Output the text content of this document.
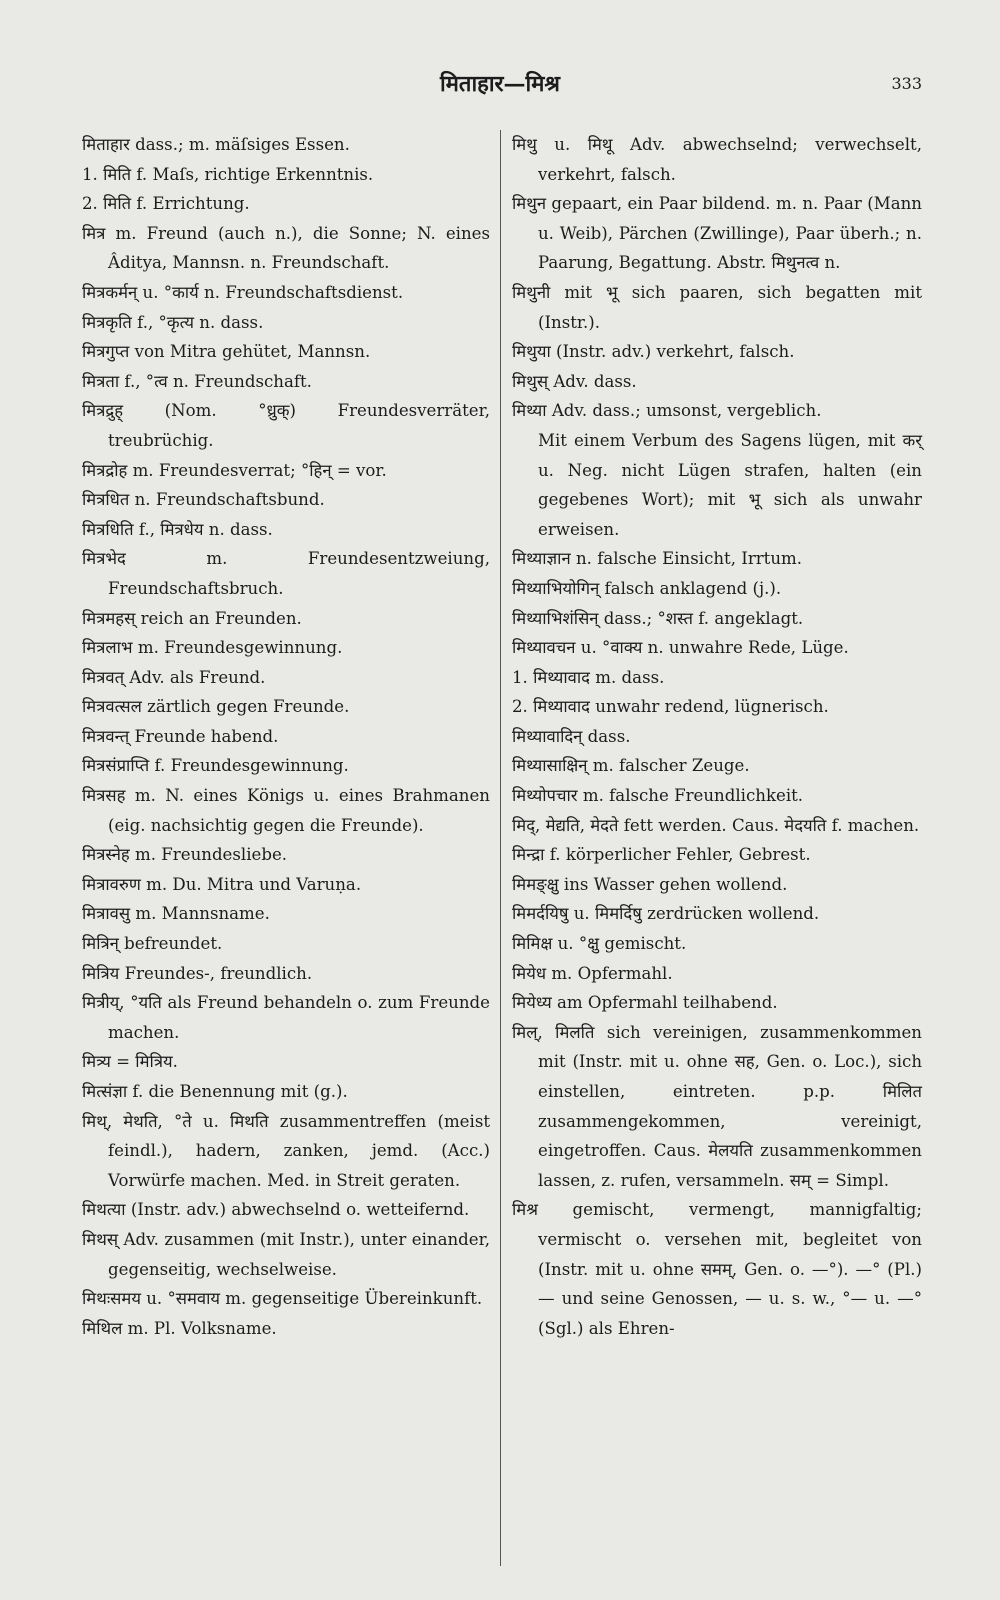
मिताहार—मिश्र	333

मिताहार dass.; m. mäſsiges Essen.

1. मिति f. Maſs, richtige Erkenntnis.

2. मिति f. Errichtung.

मित्र m. Freund (auch n.), die Sonne; N. eines Âditya, Mannsn. n. Freundschaft.

मित्रकर्मन् u. °कार्य n. Freundschaftsdienst.

मित्रकृति f., °कृत्य n. dass.

मित्रगुप्त von Mitra gehütet, Mannsn.

मित्रता f., °त्व n. Freundschaft.

मित्रद्रुह् (Nom. °ध्रुक्) Freundesverräter, treubrüchig.

मित्रद्रोह m. Freundesverrat; °हिन् = vor.

मित्रधित n. Freundschaftsbund.

मित्रधिति f., मित्रधेय n. dass.

मित्रभेद m. Freundesentzweiung, Freundschaftsbruch.

मित्रमहस् reich an Freunden.

मित्रलाभ m. Freundesgewinnung.

मित्रवत् Adv. als Freund.

मित्रवत्सल zärtlich gegen Freunde.

मित्रवन्त् Freunde habend.

मित्रसंप्राप्ति f. Freundesgewinnung.

मित्रसह m. N. eines Königs u. eines Brahmanen (eig. nachsichtig gegen die Freunde).

मित्रस्नेह m. Freundesliebe.

मित्रावरुण m. Du. Mitra und Varuṇa.

मित्रावसु m. Mannsname.

मित्रिन् befreundet.

मित्रिय Freundes-, freundlich.

मित्रीय्, °यति als Freund behandeln o. zum Freunde machen.

मित्र्य = मित्रिय.

मित्संज्ञा f. die Benennung mit (g.).

मिथ्, मेथति, °ते u. मिथति zusammentreffen (meist feindl.), hadern, zanken, jemd. (Acc.) Vorwürfe machen. Med. in Streit geraten.

मिथत्या (Instr. adv.) abwechselnd o. wetteifernd.

मिथस् Adv. zusammen (mit Instr.), unter einander, gegenseitig, wechselweise.

मिथःसमय u. °समवाय m. gegenseitige Übereinkunft.

मिथिल m. Pl. Volksname.

मिथु u. मिथू Adv. abwechselnd; verwechselt, verkehrt, falsch.

मिथुन gepaart, ein Paar bildend. m. n. Paar (Mann u. Weib), Pärchen (Zwillinge), Paar überh.; n. Paarung, Begattung. Abstr. मिथुनत्व n.

मिथुनी mit भू sich paaren, sich begatten mit (Instr.).

मिथुया (Instr. adv.) verkehrt, falsch.

मिथुस् Adv. dass.

मिथ्या Adv. dass.; umsonst, vergeblich.

Mit einem Verbum des Sagens lügen, mit कर् u. Neg. nicht Lügen strafen, halten (ein gegebenes Wort); mit भू sich als unwahr erweisen.

मिथ्याज्ञान n. falsche Einsicht, Irrtum.

मिथ्याभियोगिन् falsch anklagend (j.).

मिथ्याभिशंसिन् dass.; °शस्त f. angeklagt.

मिथ्यावचन u. °वाक्य n. unwahre Rede, Lüge.

1. मिथ्यावाद m. dass.

2. मिथ्यावाद unwahr redend, lügnerisch.

मिथ्यावादिन् dass.

मिथ्यासाक्षिन् m. falscher Zeuge.

मिथ्योपचार m. falsche Freundlichkeit.

मिद्, मेद्यति, मेदते fett werden. Caus. मेदयति f. machen.

मिन्द्रा f. körperlicher Fehler, Gebrest.

मिमङ्क्षु ins Wasser gehen wollend.

मिमर्दयिषु u. मिमर्दिषु zerdrücken wollend.

मिमिक्ष u. °क्षु gemischt.

मियेध m. Opfermahl.

मियेध्य am Opfermahl teilhabend.

मिल्, मिलति sich vereinigen, zusammenkommen mit (Instr. mit u. ohne सह, Gen. o. Loc.), sich einstellen, eintreten. p.p. मिलित zusammengekommen, vereinigt, eingetroffen. Caus. मेलयति zusammenkommen lassen, z. rufen, versammeln. सम् = Simpl.

मिश्र gemischt, vermengt, mannigfaltig; vermischt o. versehen mit, begleitet von (Instr. mit u. ohne समम्, Gen. o. —°). —° (Pl.) — und seine Genossen, — u. s. w., °— u. —° (Sgl.) als Ehren-
